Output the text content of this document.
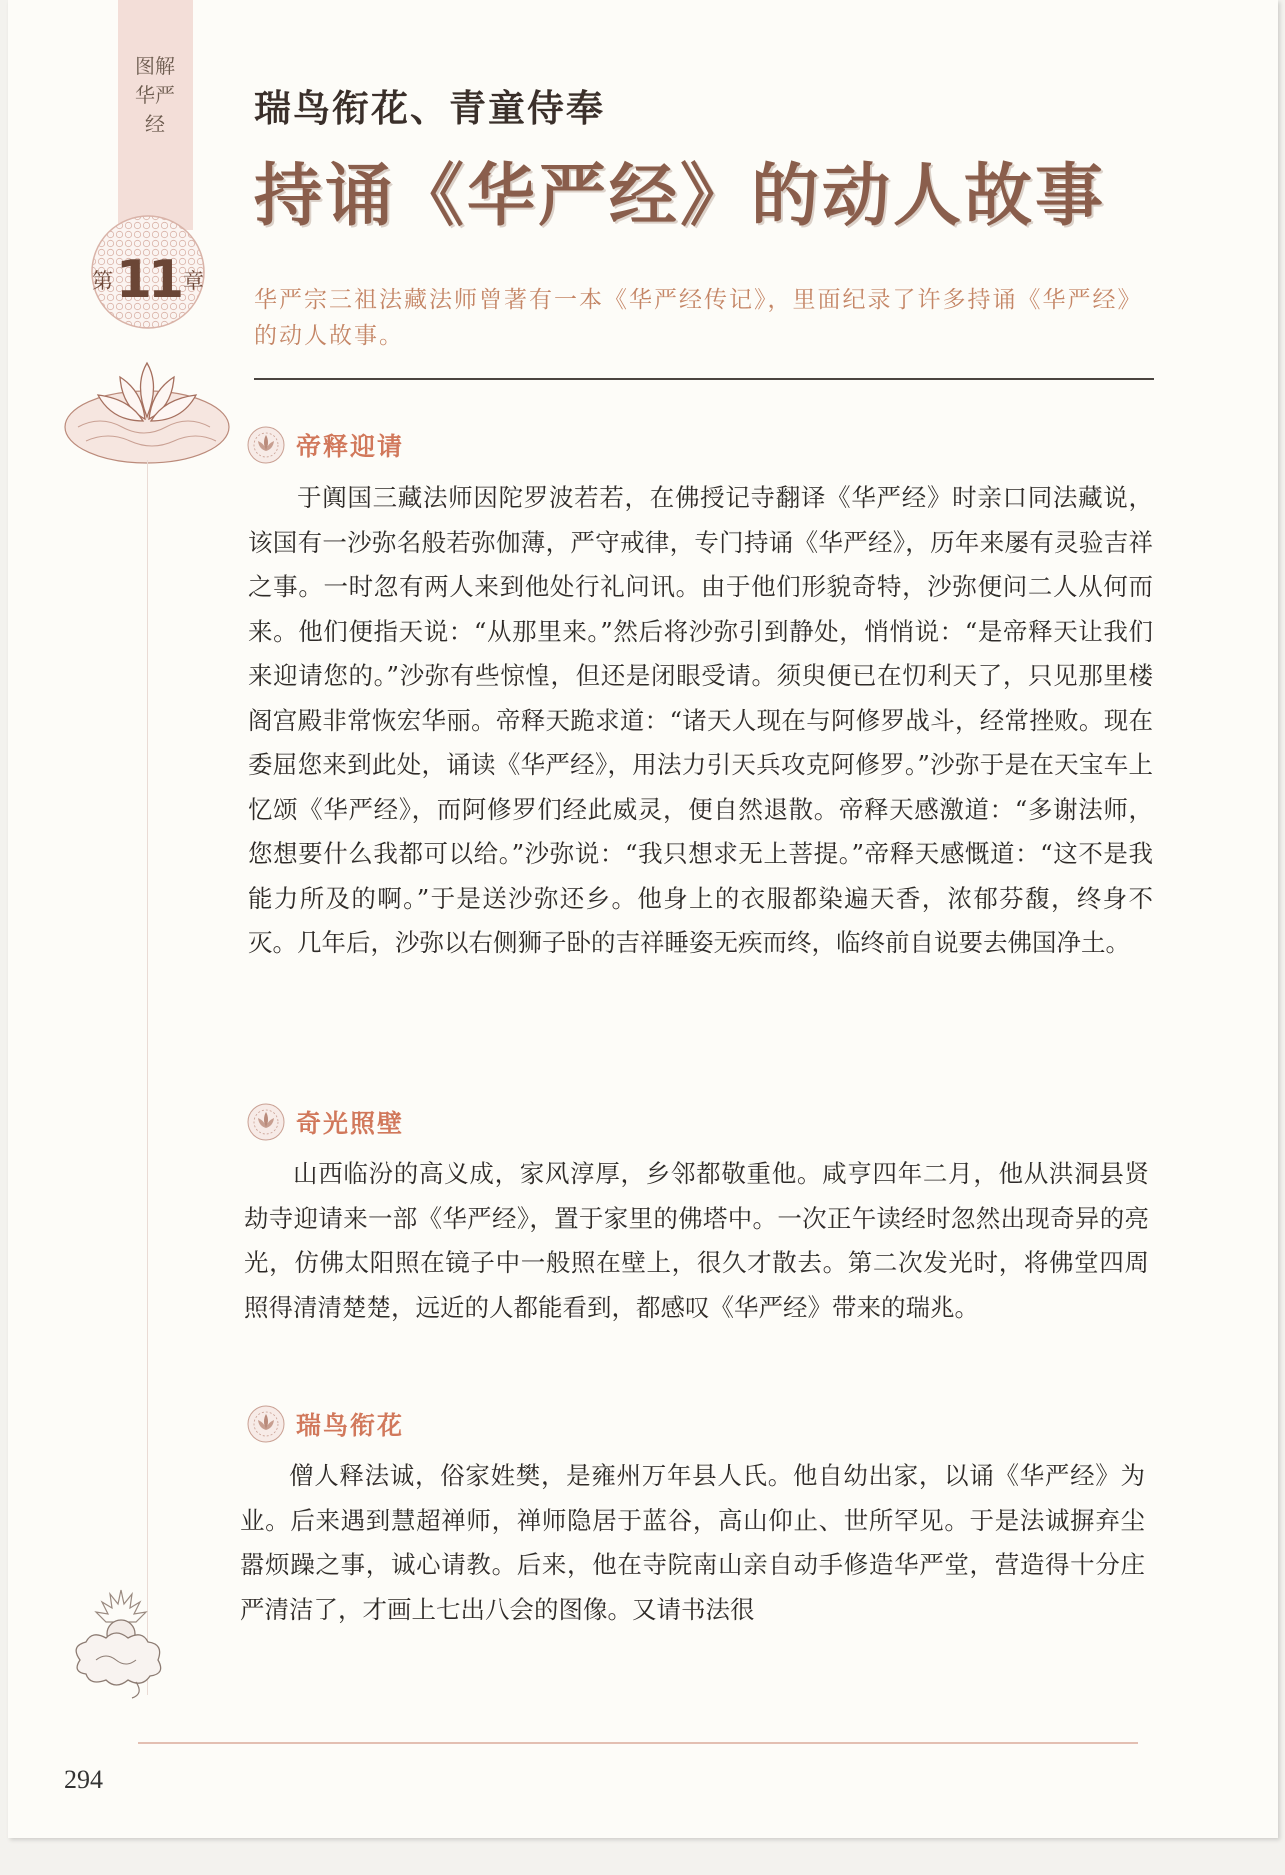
图解华严经
第 11 章
瑞鸟衔花、青童侍奉
持诵《华严经》的动人故事
华严宗三祖法藏法师曾著有一本《华严经传记》，里面纪录了许多持诵《华严经》的动人故事。
帝释迎请

于阗国三藏法师因陀罗波若若，在佛授记寺翻译《华严经》时亲口同法藏说，该国有一沙弥名般若弥伽薄，严守戒律，专门持诵《华严经》，历年来屡有灵验吉祥之事。一时忽有两人来到他处行礼问讯。由于他们形貌奇特，沙弥便问二人从何而来。他们便指天说：“从那里来。”然后将沙弥引到静处，悄悄说：“是帝释天让我们来迎请您的。”沙弥有些惊惶，但还是闭眼受请。须臾便已在忉利天了，只见那里楼阁宫殿非常恢宏华丽。帝释天跪求道：“诸天人现在与阿修罗战斗，经常挫败。现在委屈您来到此处，诵读《华严经》，用法力引天兵攻克阿修罗。”沙弥于是在天宝车上忆颂《华严经》，而阿修罗们经此威灵，便自然退散。帝释天感激道：“多谢法师，您想要什么我都可以给。”沙弥说：“我只想求无上菩提。”帝释天感慨道：“这不是我能力所及的啊。”于是送沙弥还乡。他身上的衣服都染遍天香，浓郁芬馥，终身不灭。几年后，沙弥以右侧狮子卧的吉祥睡姿无疾而终，临终前自说要去佛国净土。

奇光照壁

山西临汾的高义成，家风淳厚，乡邻都敬重他。咸亨四年二月，他从洪洞县贤劫寺迎请来一部《华严经》，置于家里的佛塔中。一次正午读经时忽然出现奇异的亮光，仿佛太阳照在镜子中一般照在壁上，很久才散去。第二次发光时，将佛堂四周照得清清楚楚，远近的人都能看到，都感叹《华严经》带来的瑞兆。

瑞鸟衔花

僧人释法诚，俗家姓樊，是雍州万年县人氏。他自幼出家，以诵《华严经》为业。后来遇到慧超禅师，禅师隐居于蓝谷，高山仰止、世所罕见。于是法诚摒弃尘嚣烦躁之事，诚心请教。后来，他在寺院南山亲自动手修造华严堂，营造得十分庄严清洁了，才画上七出八会的图像。又请书法很

294
